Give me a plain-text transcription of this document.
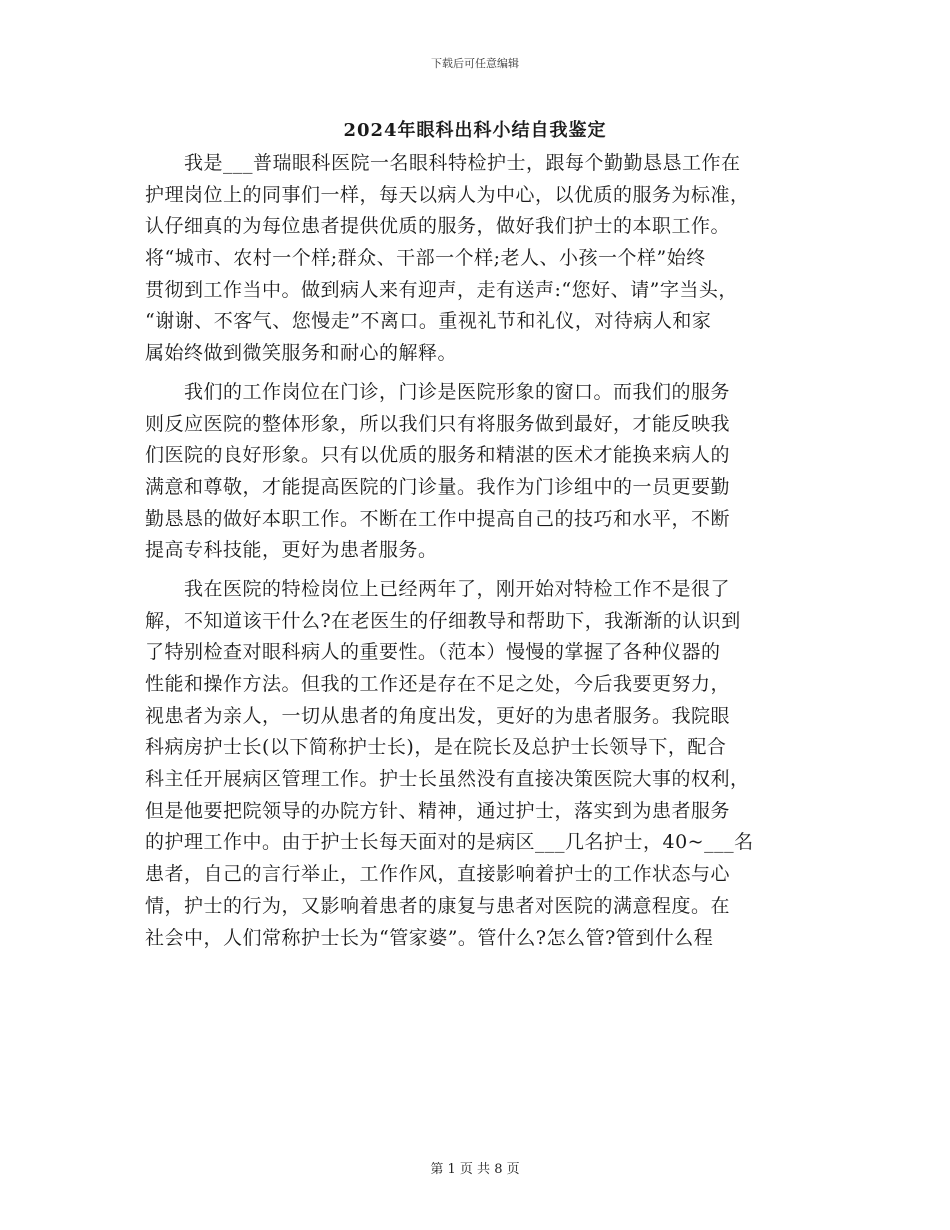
下载后可任意编辑
2024年眼科出科小结自我鉴定
　　我是___普瑞眼科医院一名眼科特检护士，跟每个勤勤恳恳工作在
护理岗位上的同事们一样，每天以病人为中心，以优质的服务为标准，
认仔细真的为每位患者提供优质的服务，做好我们护士的本职工作。
将“城市、农村一个样;群众、干部一个样;老人、小孩一个样”始终
贯彻到工作当中。做到病人来有迎声，走有送声:“您好、请”字当头，
“谢谢、不客气、您慢走”不离口。重视礼节和礼仪，对待病人和家
属始终做到微笑服务和耐心的解释。
　　我们的工作岗位在门诊，门诊是医院形象的窗口。而我们的服务
则反应医院的整体形象，所以我们只有将服务做到最好，才能反映我
们医院的良好形象。只有以优质的服务和精湛的医术才能换来病人的
满意和尊敬，才能提高医院的门诊量。我作为门诊组中的一员更要勤
勤恳恳的做好本职工作。不断在工作中提高自己的技巧和水平，不断
提高专科技能，更好为患者服务。
　　我在医院的特检岗位上已经两年了，刚开始对特检工作不是很了
解，不知道该干什么?在老医生的仔细教导和帮助下，我渐渐的认识到
了特别检查对眼科病人的重要性。（范本）慢慢的掌握了各种仪器的
性能和操作方法。但我的工作还是存在不足之处，今后我要更努力，
视患者为亲人，一切从患者的角度出发，更好的为患者服务。我院眼
科病房护士长(以下简称护士长)，是在院长及总护士长领导下，配合
科主任开展病区管理工作。护士长虽然没有直接决策医院大事的权利，
但是他要把院领导的办院方针、精神，通过护士，落实到为患者服务
的护理工作中。由于护士长每天面对的是病区___几名护士，40~___名
患者，自己的言行举止，工作作风，直接影响着护士的工作状态与心
情，护士的行为，又影响着患者的康复与患者对医院的满意程度。在
社会中，人们常称护士长为“管家婆”。管什么?怎么管?管到什么程
第 1 页 共 8 页
